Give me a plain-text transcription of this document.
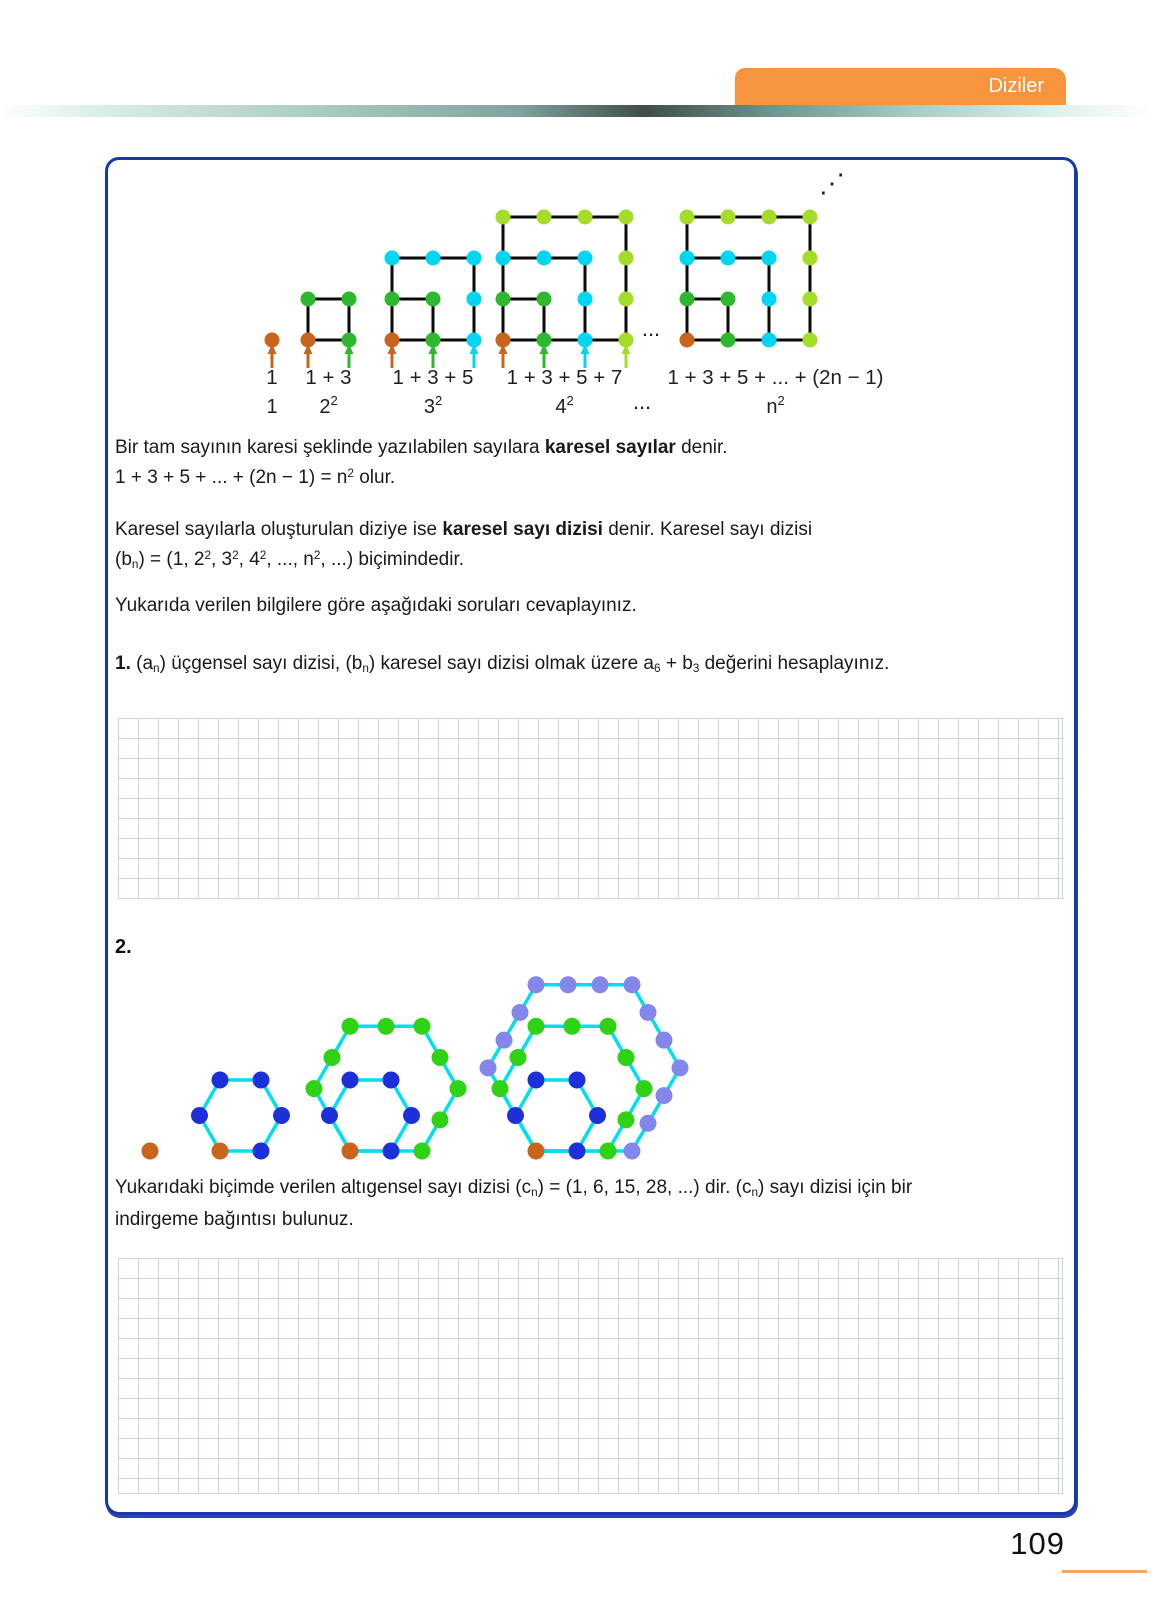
Diziler
1
1
1 + 3
$2^2$
1 + 3 + 5
$3^2$
1 + 3 + 5 + 7
$4^2$
1 + 3 + 5 + ... + (2n − 1)
$n^2$
⋰
...
...
Bir tam sayının karesi şeklinde yazılabilen sayılara karesel sayılar denir.
1 + 3 + 5 + ... + $(2n - 1) = n^2$ olur.
Karesel sayılarla oluşturulan diziye ise karesel sayı dizisi denir. Karesel sayı dizisi
(bn) = (1, $2^2$, $3^2$, $4^2$, ..., $n^2$, ...) biçimindedir.
Yukarıda verilen bilgilere göre aşağıdaki soruları cevaplayınız.
1. (an) üçgensel sayı dizisi, (bn) karesel sayı dizisi olmak üzere a6 + b3 değerini hesaplayınız.
2.
Yukarıdaki biçimde verilen altıgensel sayı dizisi (cn) = (1, 6, 15, 28, ...) dir. (cn) sayı dizisi için bir
indirgeme bağıntısı bulunuz.
109
